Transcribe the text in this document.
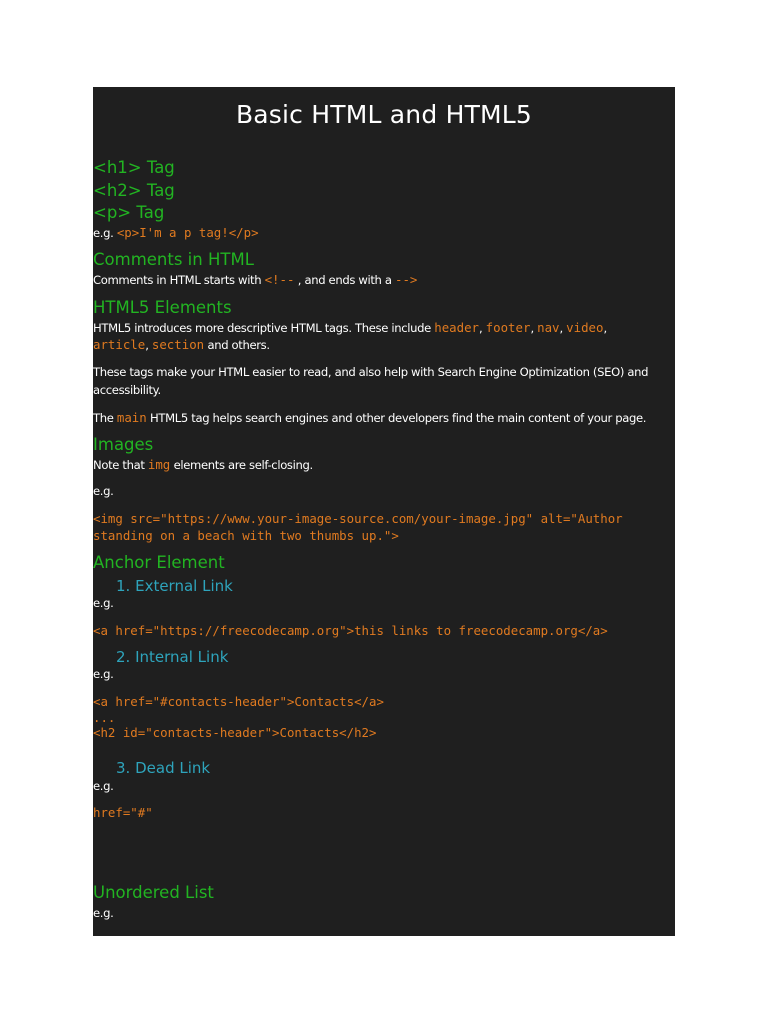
Basic HTML and HTML5
<h1> Tag
<h2> Tag
<p> Tag
e.g. <p>I'm a p tag!</p>
Comments in HTML
Comments in HTML starts with <!-- , and ends with a -->
HTML5 Elements
HTML5 introduces more descriptive HTML tags. These include header, footer, nav, video,
article, section and others.
These tags make your HTML easier to read, and also help with Search Engine Optimization (SEO) and
accessibility.
The main HTML5 tag helps search engines and other developers find the main content of your page.
Images
Note that img elements are self-closing.
e.g.
<img src="https://www.your-image-source.com/your-image.jpg" alt="Author
standing on a beach with two thumbs up.">
Anchor Element
1. External Link
e.g.
<a href="https://freecodecamp.org">this links to freecodecamp.org</a>
2. Internal Link
e.g.
<a href="#contacts-header">Contacts</a>
...
<h2 id="contacts-header">Contacts</h2>
3. Dead Link
e.g.
href="#"
Unordered List
e.g.
